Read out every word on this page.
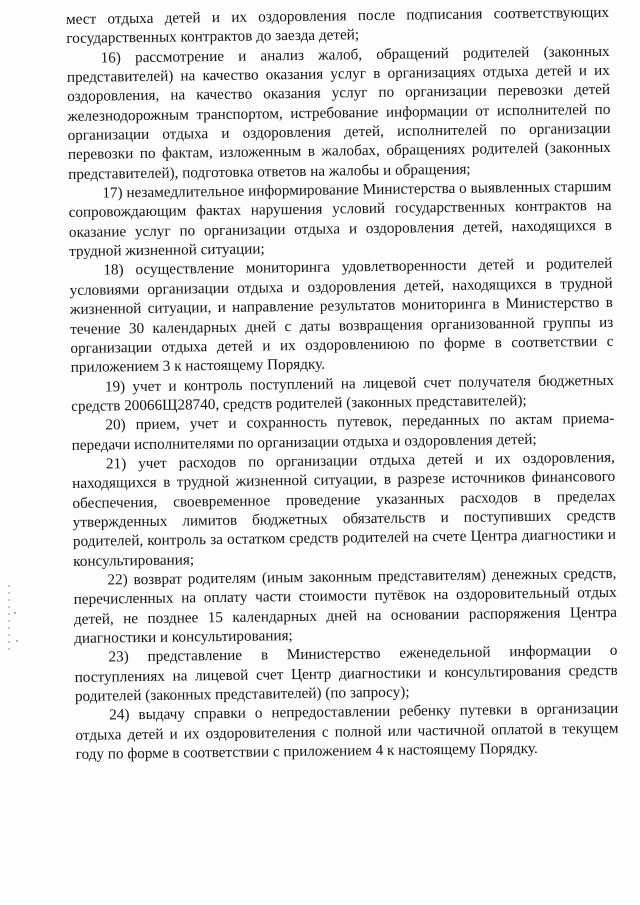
мест отдыха детей и их оздоровления после подписания соответствующих государственных контрактов до заезда детей;

16) рассмотрение и анализ жалоб, обращений родителей (законных представителей) на качество оказания услуг в организациях отдыха детей и их оздоровления, на качество оказания услуг по организации перевозки детей железнодорожным транспортом, истребование информации от исполнителей по организации отдыха и оздоровления детей, исполнителей по организации перевозки по фактам, изложенным в жалобах, обращениях родителей (законных представителей), подготовка ответов на жалобы и обращения;

17) незамедлительное информирование Министерства о выявленных старшим сопровождающим фактах нарушения условий государственных контрактов на оказание услуг по организации отдыха и оздоровления детей, находящихся в трудной жизненной ситуации;

18) осуществление мониторинга удовлетворенности детей и родителей условиями организации отдыха и оздоровления детей, находящихся в трудной жизненной ситуации, и направление результатов мониторинга в Министерство в течение 30 календарных дней с даты возвращения организованной группы из организации отдыха детей и их оздоровлениюю по форме в соответствии с приложением 3 к настоящему Порядку.

19) учет и контроль поступлений на лицевой счет получателя бюджетных средств 20066Щ28740, средств родителей (законных представителей);

20) прием, учет и сохранность путевок, переданных по актам приема-передачи исполнителями по организации отдыха и оздоровления детей;

21) учет расходов по организации отдыха детей и их оздоровления, находящихся в трудной жизненной ситуации, в разрезе источников финансового обеспечения, своевременное проведение указанных расходов в пределах утвержденных лимитов бюджетных обязательств и поступивших средств родителей, контроль за остатком средств родителей на счете Центра диагностики и консультирования;

22) возврат родителям (иным законным представителям) денежных средств, перечисленных на оплату части стоимости путёвок на оздоровительный отдых детей, не позднее 15 календарных дней на основании распоряжения Центра диагностики и консультирования;

23) представление в Министерство еженедельной информации о поступлениях на лицевой счет Центр диагностики и консультирования средств родителей (законных представителей) (по запросу);

24) выдачу справки о непредоставлении ребенку путевки в организации отдыха детей и их оздоровителения с полной или частичной оплатой в текущем году по форме в соответствии с приложением 4 к настоящему Порядку.
